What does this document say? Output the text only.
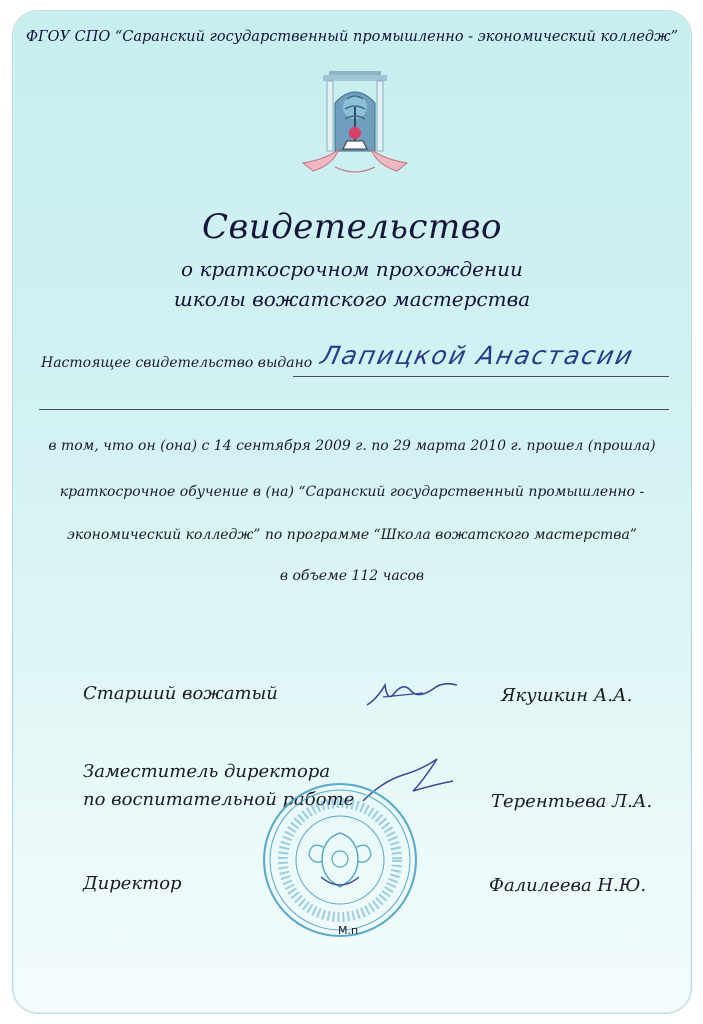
ФГОУ СПО “Саранский государственный промышленно - экономический колледж”
Свидетельство
о краткосрочном прохождении
школы вожатского мастерства
Настоящее свидетельство выдано Лапицкой Анастасии
в том, что он (она) с 14 сентября 2009 г. по 29 марта 2010 г. прошел (прошла)
краткосрочное обучение в (на) “Саранский государственный промышленно -
экономический колледж” по программе “Школа вожатского мастерства”
в объеме 112 часов
Старший вожатый	Якушкин А.А.
Заместитель директора
по воспитательной работе	Терентьева Л.А.
Директор	Фалилеева Н.Ю.
М.п
